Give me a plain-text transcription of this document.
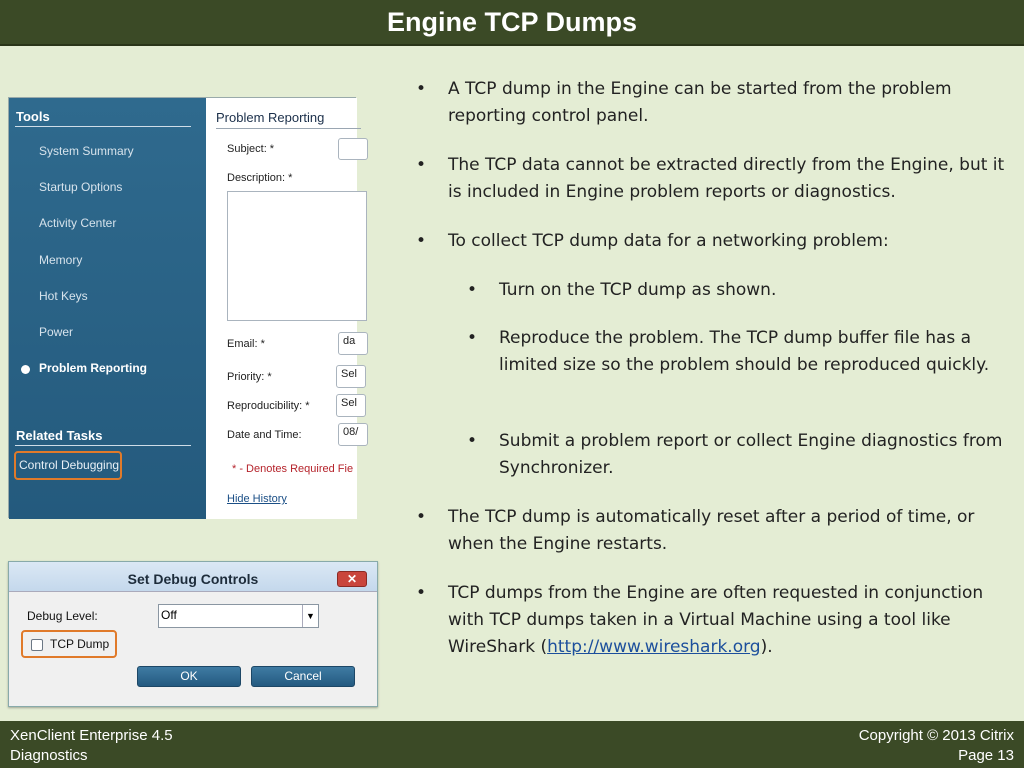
Engine TCP Dumps
Tools
System Summary
Startup Options
Activity Center
Memory
Hot Keys
Power
Problem Reporting
Related Tasks
Control Debugging
Problem Reporting
Subject: *
Description: *
Email: *	da
Priority: *	Sel
Reproducibility: *	Sel
Date and Time:	08/
* - Denotes Required Fie
Hide History
Set Debug Controls	✕
Debug Level:	Off	▼
TCP Dump
OK	Cancel
• A TCP dump in the Engine can be started from the problem reporting control panel.
• The TCP data cannot be extracted directly from the Engine, but it is included in Engine problem reports or diagnostics.
• To collect TCP dump data for a networking problem:
• Turn on the TCP dump as shown.
• Reproduce the problem. The TCP dump buffer file has a limited size so the problem should be reproduced quickly.
• Submit a problem report or collect Engine diagnostics from Synchronizer.
• The TCP dump is automatically reset after a period of time, or when the Engine restarts.
• TCP dumps from the Engine are often requested in conjunction with TCP dumps taken in a Virtual Machine using a tool like WireShark (http://www.wireshark.org).
XenClient Enterprise 4.5
Diagnostics
Copyright © 2013 Citrix
Page 13
